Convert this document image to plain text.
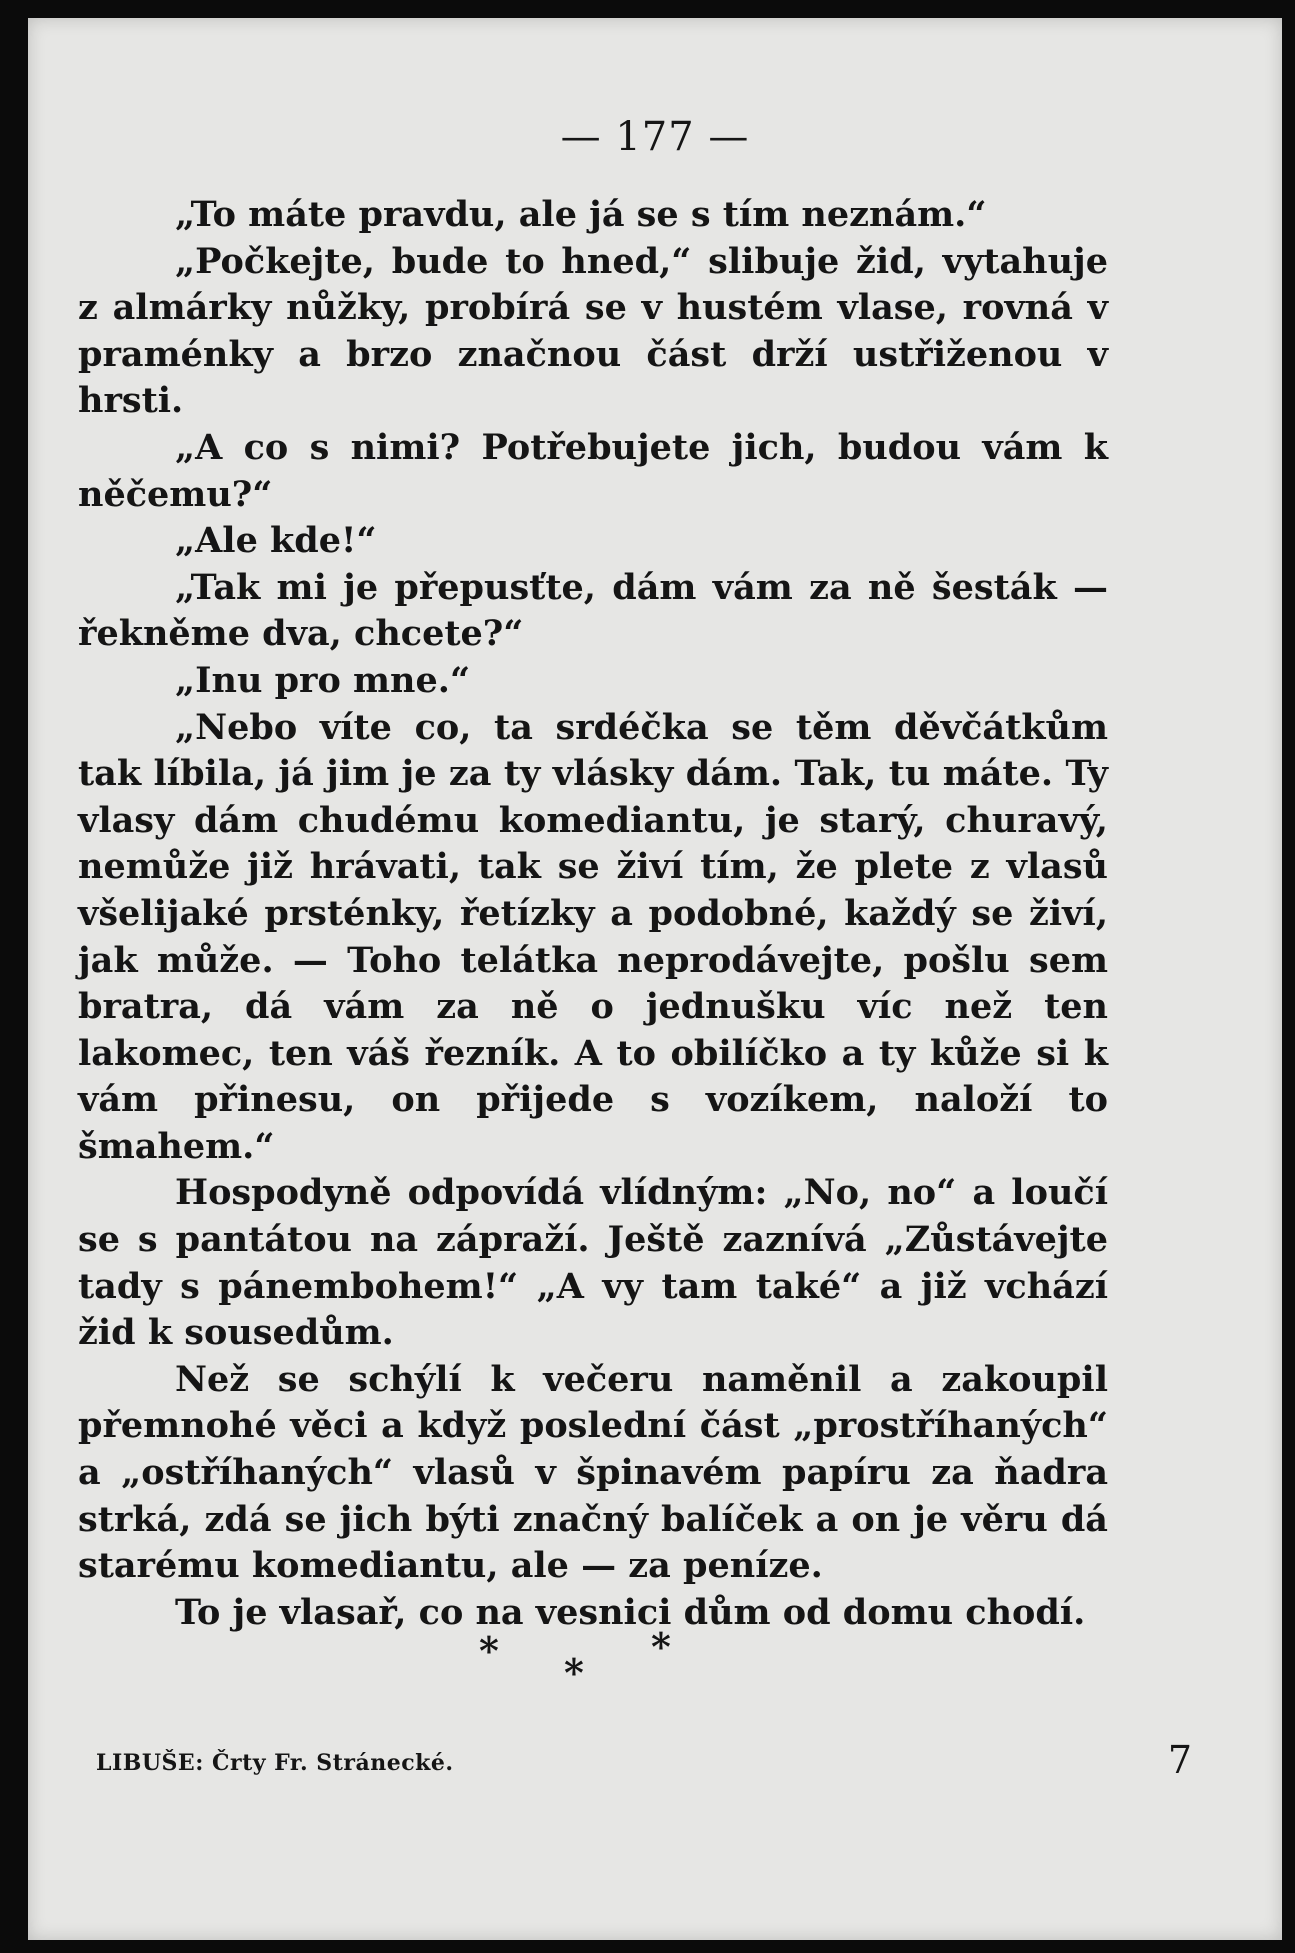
— 177 —

„To máte pravdu, ale já se s tím neznám.“

„Počkejte, bude to hned,“ slibuje žid, vytahuje z almárky nůžky, probírá se v hustém vlase, rovná v praménky a brzo značnou část drží ustřiženou v hrsti.

„A co s nimi? Potřebujete jich, budou vám k něčemu?“

„Ale kde!“

„Tak mi je přepusťte, dám vám za ně šesták — řekněme dva, chcete?“

„Inu pro mne.“

„Nebo víte co, ta srdéčka se těm děvčátkům tak líbila, já jim je za ty vlásky dám. Tak, tu máte. Ty vlasy dám chudému komediantu, je starý, churavý, nemůže již hrávati, tak se živí tím, že plete z vlasů všelijaké prsténky, řetízky a podobné, každý se živí, jak může. — Toho telátka neprodávejte, pošlu sem bratra, dá vám za ně o jednušku víc než ten lakomec, ten váš řezník. A to obilíčko a ty kůže si k vám přinesu, on přijede s vozíkem, naloží to šmahem.“

Hospodyně odpovídá vlídným: „No, no“ a loučí se s pantátou na zápraží. Ještě zaznívá „Zůstávejte tady s pánembohem!“ „A vy tam také“ a již vchází žid k sousedům.

Než se schýlí k večeru naměnil a zakoupil přemnohé věci a když poslední část „prostříhaných“ a „ostříhaných“ vlasů v špinavém papíru za ňadra strká, zdá se jich býti značný balíček a on je věru dá starému komediantu, ale — za peníze.

To je vlasař, co na vesnici dům od domu chodí.

* *
*
LIBUŠE: Črty Fr. Stránecké.	7
